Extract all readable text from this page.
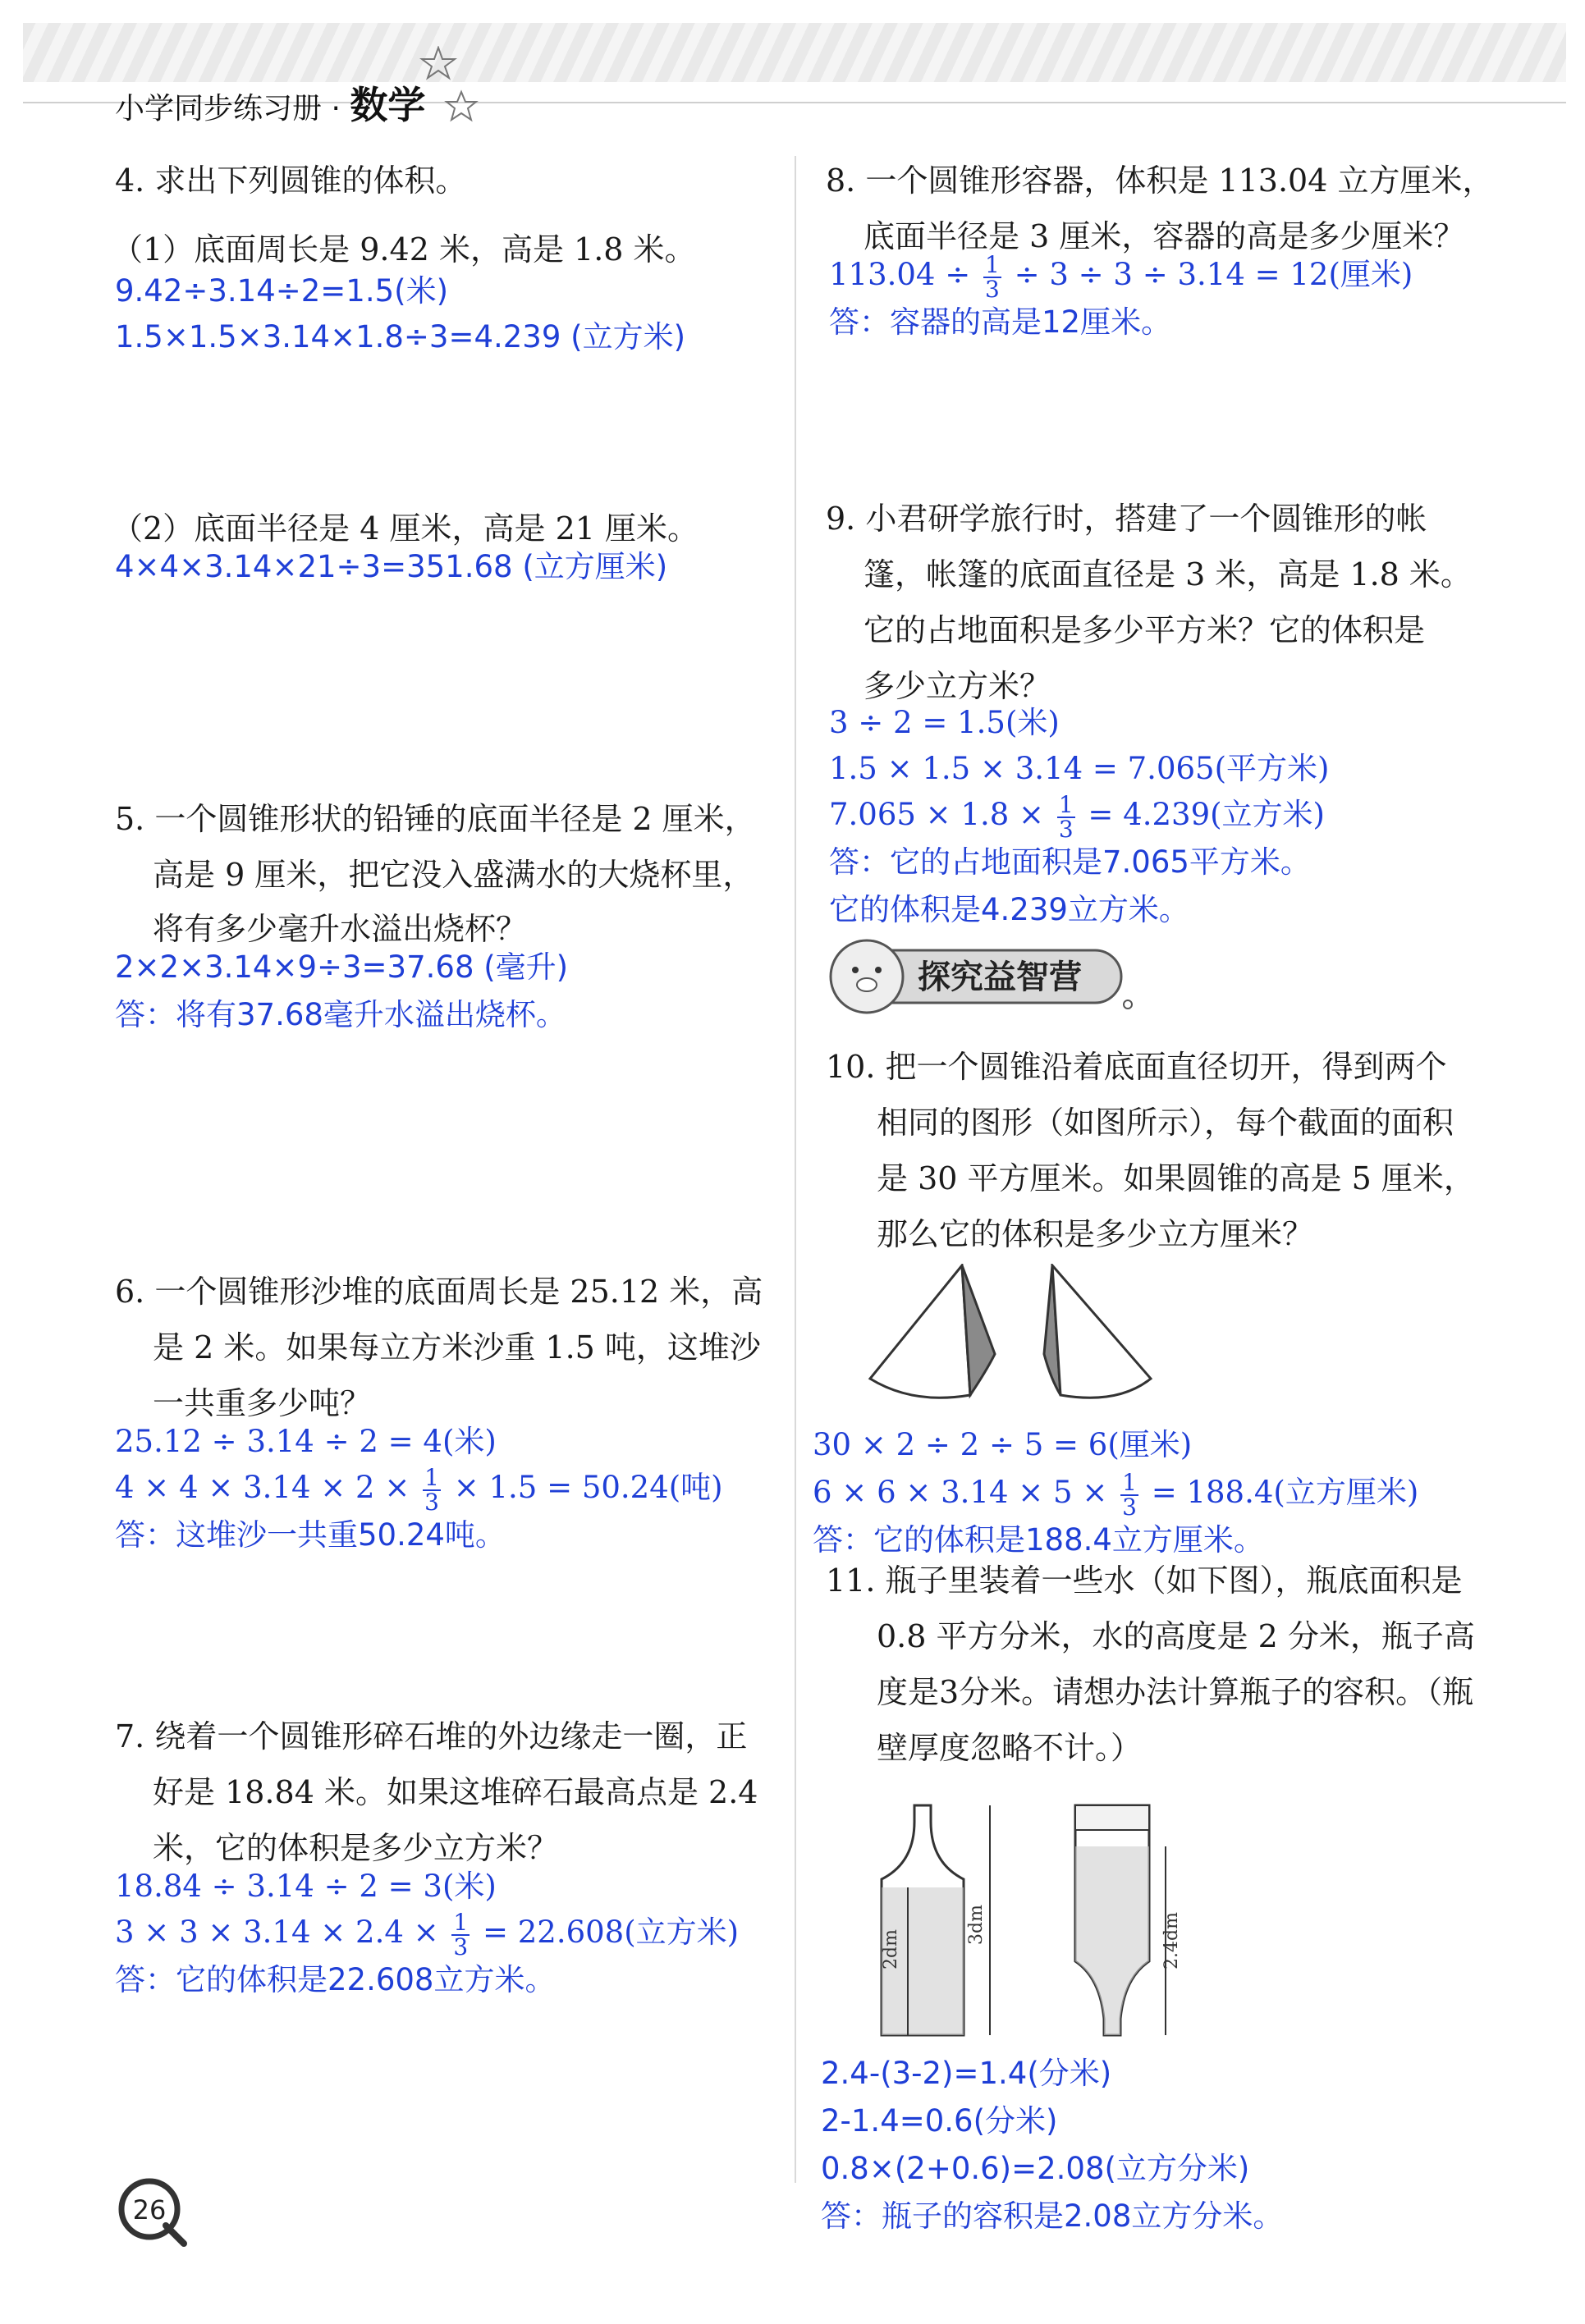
小学同步练习册 · 数学
4. 求出下列圆锥的体积。
（1）底面周长是 9.42 米，高是 1.8 米。
9.42÷3.14÷2=1.5(米)
1.5×1.5×3.14×1.8÷3=4.239 (立方米)
（2）底面半径是 4 厘米，高是 21 厘米。
4×4×3.14×21÷3=351.68 (立方厘米)
5. 一个圆锥形状的铅锤的底面半径是 2 厘米，
高是 9 厘米，把它没入盛满水的大烧杯里，
将有多少毫升水溢出烧杯？
2×2×3.14×9÷3=37.68 (毫升)
答：将有37.68毫升水溢出烧杯。
6. 一个圆锥形沙堆的底面周长是 25.12 米，高
是 2 米。如果每立方米沙重 1.5 吨，这堆沙
一共重多少吨？
25.12 ÷ 3.14 ÷ 2 = 4(米)
$4 \times 4 \times 3.14 \times 2 \times \frac{1}{3} \times 1.5 = 50.24$(吨)
答：这堆沙一共重50.24吨。
7. 绕着一个圆锥形碎石堆的外边缘走一圈，正
好是 18.84 米。如果这堆碎石最高点是 2.4
米，它的体积是多少立方米？
18.84 ÷ 3.14 ÷ 2 = 3(米)
$3 \times 3 \times 3.14 \times 2.4 \times \frac{1}{3} = 22.608$(立方米)
答：它的体积是22.608立方米。
8. 一个圆锥形容器，体积是 113.04 立方厘米，
底面半径是 3 厘米，容器的高是多少厘米？
$113.04 \div \frac{1}{3} \div 3 \div 3 \div 3.14 = 12$(厘米)
答：容器的高是12厘米。
9. 小君研学旅行时，搭建了一个圆锥形的帐
篷，帐篷的底面直径是 3 米，高是 1.8 米。
它的占地面积是多少平方米？它的体积是
多少立方米？
3 ÷ 2 = 1.5(米)
1.5 × 1.5 × 3.14 = 7.065(平方米)
$7.065 \times 1.8 \times \frac{1}{3} = 4.239$(立方米)
答：它的占地面积是7.065平方米。
它的体积是4.239立方米。
探究益智营
10. 把一个圆锥沿着底面直径切开，得到两个
相同的图形（如图所示），每个截面的面积
是 30 平方厘米。如果圆锥的高是 5 厘米，
那么它的体积是多少立方厘米？
30 × 2 ÷ 2 ÷ 5 = 6(厘米)
$6 \times 6 \times 3.14 \times 5 \times \frac{1}{3} = 188.4$(立方厘米)
答：它的体积是188.4立方厘米。
11. 瓶子里装着一些水（如下图），瓶底面积是
0.8 平方分米，水的高度是 2 分米，瓶子高
度是3分米。请想办法计算瓶子的容积。（瓶
壁厚度忽略不计。）
2dm
3dm	2.4dm
2.4-(3-2)=1.4(分米)
2-1.4=0.6(分米)
0.8×(2+0.6)=2.08(立方分米)
答：瓶子的容积是2.08立方分米。
26
